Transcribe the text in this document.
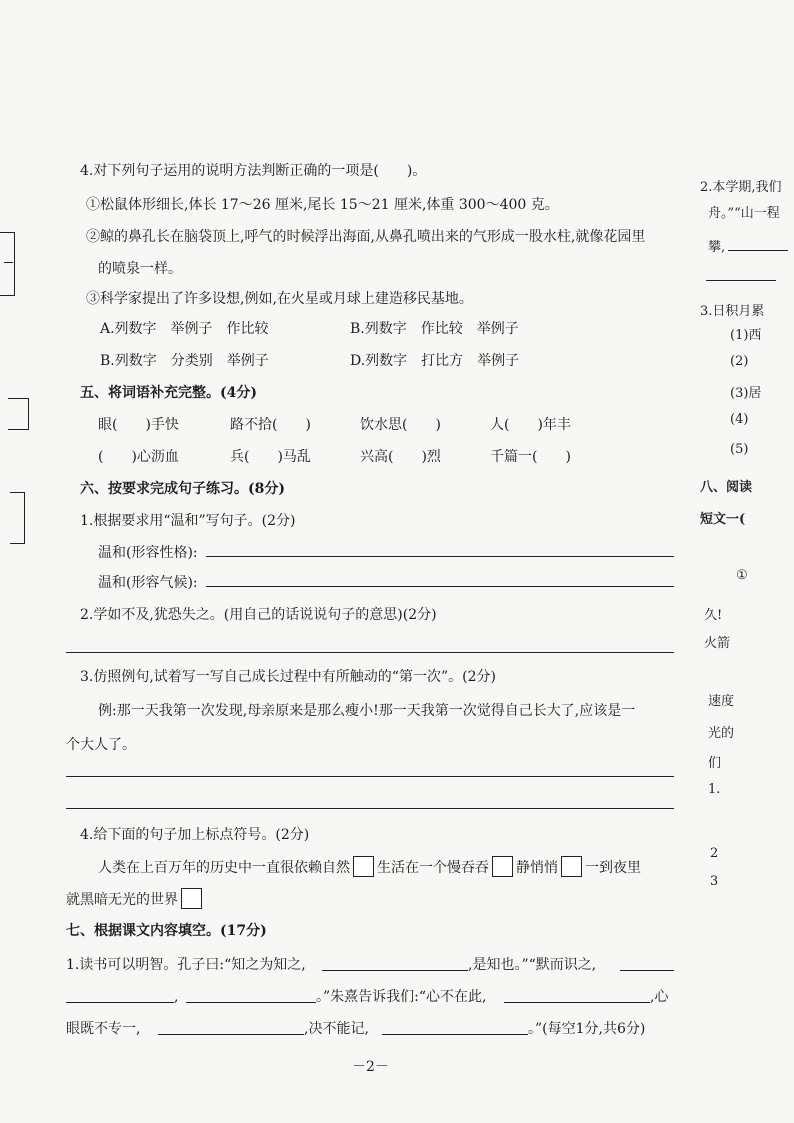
4.对下列句子运用的说明方法判断正确的一项是(　　)。
①松鼠体形细长,体长 17～26 厘米,尾长 15～21 厘米,体重 300～400 克。
②鲸的鼻孔长在脑袋顶上,呼气的时候浮出海面,从鼻孔喷出来的气形成一股水柱,就像花园里
的喷泉一样。
③科学家提出了许多设想,例如,在火星或月球上建造移民基地。
A.列数字　举例子　作比较	B.列数字　作比较　举例子
B.列数字　分类别　举例子	D.列数字　打比方　举例子
五、将词语补充完整。(4分)
眼(　　)手快	路不拾(　　)	饮水思(　　)	人(　　)年丰
(　　)心沥血	兵(　　)马乱	兴高(　　)烈	千篇一(　　)
六、按要求完成句子练习。(8分)
1.根据要求用“温和”写句子。(2分)
温和(形容性格):
温和(形容气候):
2.学如不及,犹恐失之。(用自己的话说说句子的意思)(2分)
3.仿照例句,试着写一写自己成长过程中有所触动的“第一次”。(2分)
例:那一天我第一次发现,母亲原来是那么瘦小!那一天我第一次觉得自己长大了,应该是一
个大人了。
4.给下面的句子加上标点符号。(2分)
人类在上百万年的历史中一直很依赖自然 生活在一个慢吞吞 静悄悄 一到夜里
就黑暗无光的世界
七、根据课文内容填空。(17分)
1.读书可以明智。孔子曰:“知之为知之,	,是知也。”“默而识之,
,	。”朱熹告诉我们:“心不在此,	,心
眼既不专一,	,决不能记,	。”(每空1分,共6分)
－2－
2.本学期,我们
舟。”“山一程
攀,
3.日积月累
(1)西
(2)
(3)居
(4)
(5)
八、阅读
短文一(
①
久!
火箭
速度
光的
们
1.
2
3
